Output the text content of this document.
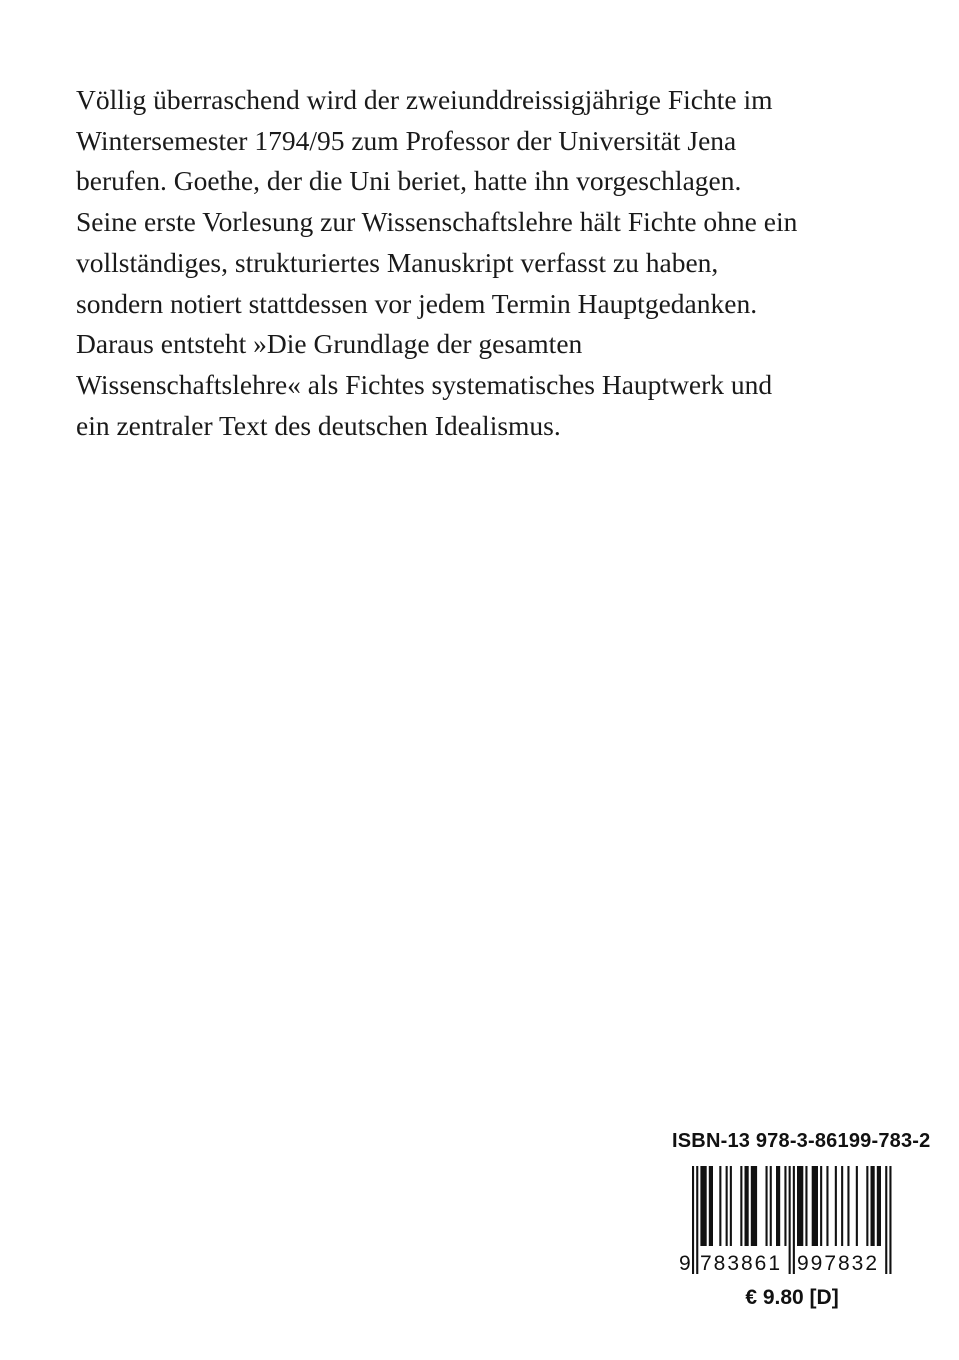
Völlig überraschend wird der zweiunddreissigjährige Fichte im
Wintersemester 1794/95 zum Professor der Universität Jena
berufen. Goethe, der die Uni beriet, hatte ihn vorgeschlagen.
Seine erste Vorlesung zur Wissenschaftslehre hält Fichte ohne ein
vollständiges, strukturiertes Manuskript verfasst zu haben,
sondern notiert stattdessen vor jedem Termin Hauptgedanken.
Daraus entsteht »Die Grundlage der gesamten
Wissenschaftslehre« als Fichtes systematisches Hauptwerk und
ein zentraler Text des deutschen Idealismus.
ISBN-13 978-3-86199-783-2
9 783861 997832
€ 9.80 [D]
